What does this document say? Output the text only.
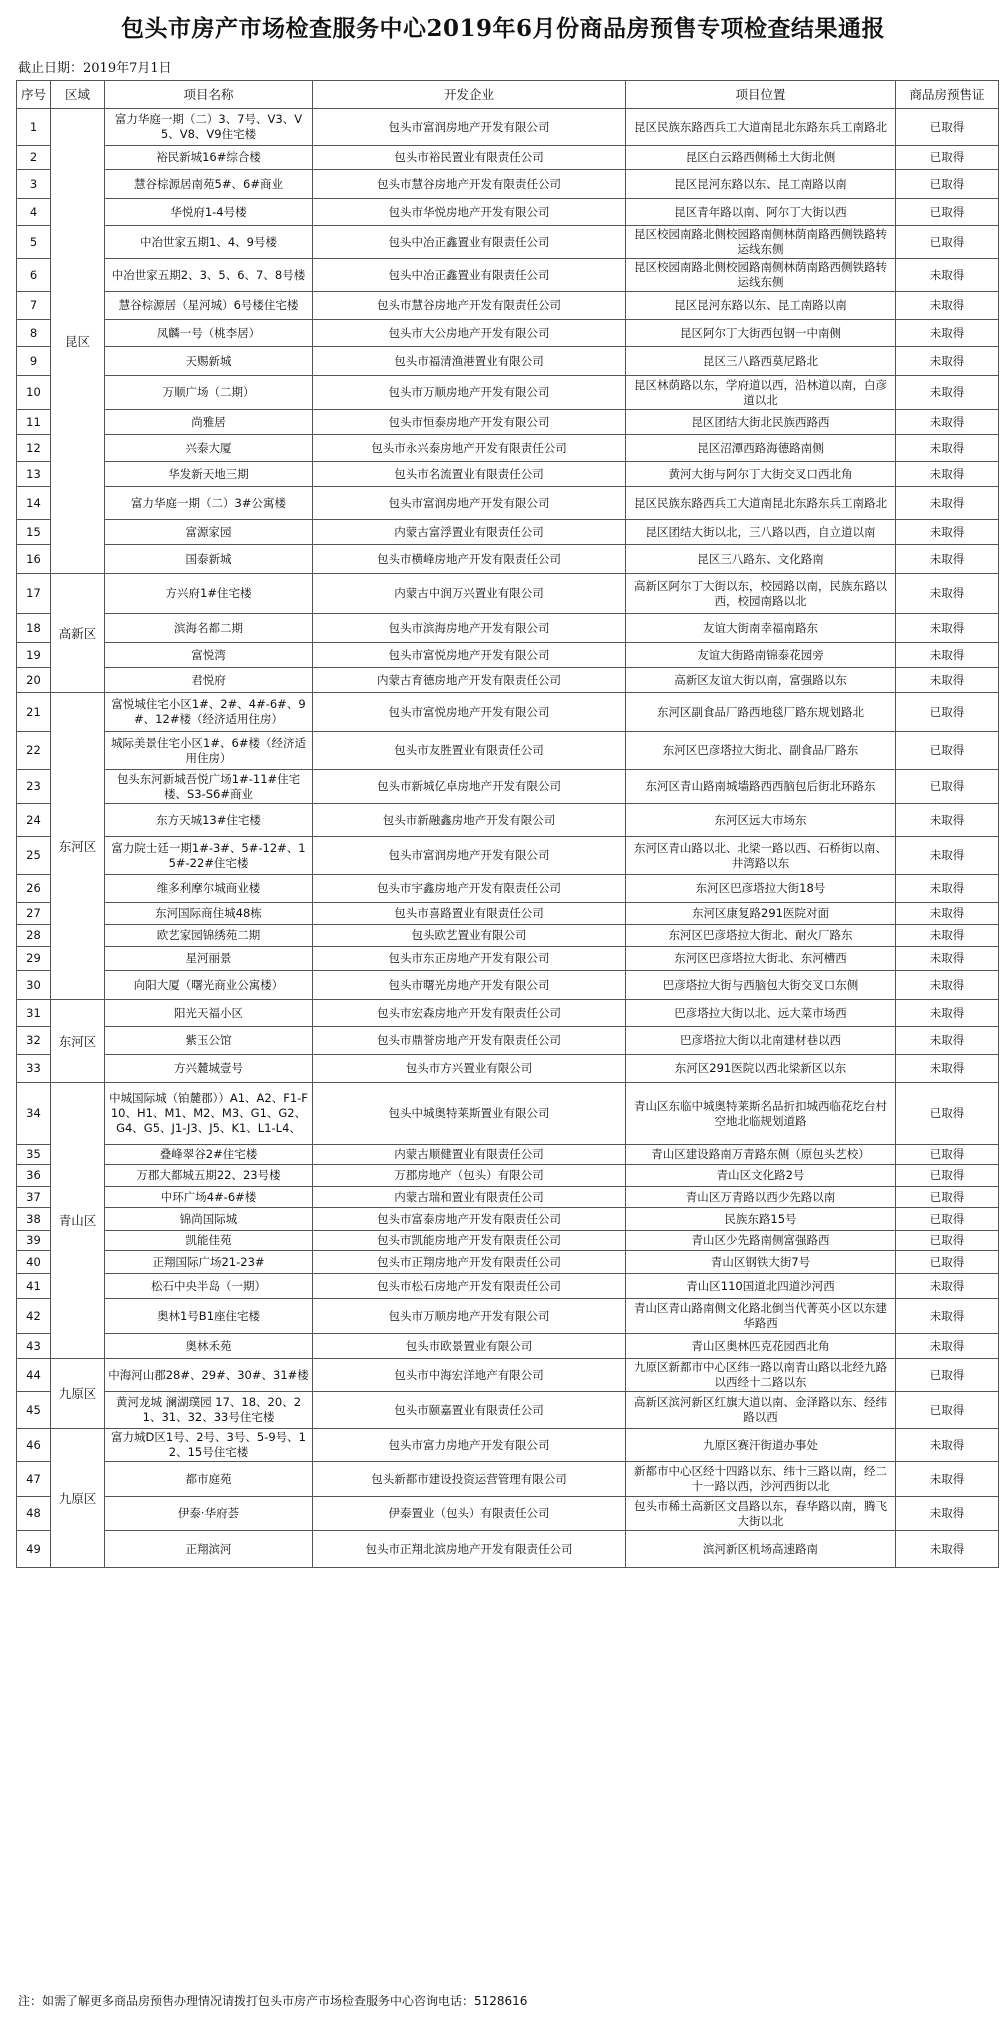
包头市房产市场检查服务中心2019年6月份商品房预售专项检查结果通报
截止日期：2019年7月1日
序号	区域	项目名称	开发企业	项目位置	商品房预售证
1	昆区	富力华庭一期（二）3、7号、V3、V5、V8、V9住宅楼	包头市富润房地产开发有限公司	昆区民族东路西兵工大道南昆北东路东兵工南路北	已取得
2		裕民新城16#综合楼	包头市裕民置业有限责任公司	昆区白云路西侧稀土大街北侧	已取得
3		慧谷棕源居南苑5#、6#商业	包头市慧谷房地产开发有限责任公司	昆区昆河东路以东、昆工南路以南	已取得
4		华悦府1-4号楼	包头市华悦房地产开发有限公司	昆区青年路以南、阿尔丁大街以西	已取得
5		中冶世家五期1、4、9号楼	包头中冶正鑫置业有限责任公司	昆区校园南路北侧校园路南侧林荫南路西侧铁路转运线东侧	已取得
6		中冶世家五期2、3、5、6、7、8号楼	包头中冶正鑫置业有限责任公司	昆区校园南路北侧校园路南侧林荫南路西侧铁路转运线东侧	未取得
7		慧谷棕源居（星河城）6号楼住宅楼	包头市慧谷房地产开发有限责任公司	昆区昆河东路以东、昆工南路以南	未取得
8		凤麟一号（桃李居）	包头市大公房地产开发有限公司	昆区阿尔丁大街西包钢一中南侧	未取得
9		天赐新城	包头市福清渔港置业有限公司	昆区三八路西莫尼路北	未取得
10		万顺广场（二期）	包头市万顺房地产开发有限公司	昆区林荫路以东，学府道以西，沿林道以南，白彦道以北	未取得
11		尚雅居	包头市恒泰房地产开发有限公司	昆区团结大街北民族西路西	未取得
12		兴泰大厦	包头市永兴泰房地产开发有限责任公司	昆区沼潭西路海德路南侧	未取得
13		华发新天地三期	包头市名流置业有限责任公司	黄河大街与阿尔丁大街交叉口西北角	未取得
14		富力华庭一期（二）3#公寓楼	包头市富润房地产开发有限公司	昆区民族东路西兵工大道南昆北东路东兵工南路北	未取得
15		富源家园	内蒙古富浮置业有限责任公司	昆区团结大街以北，三八路以西，自立道以南	未取得
16		国泰新城	包头市横峰房地产开发有限责任公司	昆区三八路东、文化路南	未取得
17	高新区	方兴府1#住宅楼	内蒙古中润万兴置业有限公司	高新区阿尔丁大街以东，校园路以南，民族东路以西，校园南路以北	未取得
18		滨海名都二期	包头市滨海房地产开发有限公司	友谊大街南幸福南路东	未取得
19		富悦湾	包头市富悦房地产开发有限公司	友谊大街路南锦泰花园旁	未取得
20		君悦府	内蒙古育德房地产开发有限责任公司	高新区友谊大街以南，富强路以东	未取得
21	东河区	富悦城住宅小区1#、2#、4#-6#、9#、12#楼（经济适用住房）	包头市富悦房地产开发有限公司	东河区副食品厂路西地毯厂路东规划路北	已取得
22		城际美景住宅小区1#、6#楼（经济适用住房）	包头市友胜置业有限责任公司	东河区巴彦塔拉大街北、副食品厂路东	已取得
23		包头东河新城吾悦广场1#-11#住宅楼、S3-S6#商业	包头市新城亿卓房地产开发有限公司	东河区青山路南城墙路西西脑包后街北环路东	已取得
24		东方天城13#住宅楼	包头市新融鑫房地产开发有限公司	东河区远大市场东	未取得
25		富力院士廷一期1#-3#、5#-12#、15#-22#住宅楼	包头市富润房地产开发有限公司	东河区青山路以北、北梁一路以西、石桥街以南、井湾路以东	未取得
26		维多利摩尔城商业楼	包头市宇鑫房地产开发有限责任公司	东河区巴彦塔拉大街18号	未取得
27		东河国际商住城48栋	包头市喜路置业有限责任公司	东河区康复路291医院对面	未取得
28		欧艺家园锦绣苑二期	包头欧艺置业有限公司	东河区巴彦塔拉大街北、耐火厂路东	未取得
29		星河丽景	包头市东正房地产开发有限公司	东河区巴彦塔拉大街北、东河槽西	未取得
30		向阳大厦（曙光商业公寓楼）	包头市曙光房地产开发有限公司	巴彦塔拉大街与西脑包大街交叉口东侧	未取得
31	东河区	阳光天福小区	包头市宏森房地产开发有限责任公司	巴彦塔拉大街以北、远大菜市场西	未取得
32		紫玉公馆	包头市鼎誉房地产开发有限责任公司	巴彦塔拉大街以北南建材巷以西	未取得
33		方兴麓城壹号	包头市方兴置业有限公司	东河区291医院以西北梁新区以东	未取得
34	青山区	中城国际城（铂麓郡））A1、A2、F1-F10、H1、M1、M2、M3、G1、G2、G4、G5、J1-J3、J5、K1、L1-L4、	包头中城奥特莱斯置业有限公司	青山区东临中城奥特莱斯名品折扣城西临花圪台村空地北临规划道路	已取得
35		叠峰翠谷2#住宅楼	内蒙古顺健置业有限责任公司	青山区建设路南万青路东侧（原包头艺校）	已取得
36		万郡大都城五期22、23号楼	万郡房地产（包头）有限公司	青山区文化路2号	已取得
37		中环广场4#-6#楼	内蒙古瑞和置业有限责任公司	青山区万青路以西少先路以南	已取得
38		锦尚国际城	包头市富泰房地产开发有限责任公司	民族东路15号	已取得
39		凯能佳苑	包头市凯能房地产开发有限责任公司	青山区少先路南侧富强路西	已取得
40		正翔国际广场21-23#	包头市正翔房地产开发有限责任公司	青山区钢铁大街7号	已取得
41		松石中央半岛（一期）	包头市松石房地产开发有限责任公司	青山区110国道北四道沙河西	未取得
42		奥林1号B1座住宅楼	包头市万顺房地产开发有限公司	青山区青山路南侧文化路北倒当代菁英小区以东建华路西	未取得
43		奥林禾苑	包头市欧景置业有限公司	青山区奥林匹克花园西北角	未取得
44	九原区	中海河山郡28#、29#、30#、31#楼	包头市中海宏洋地产有限公司	九原区新都市中心区纬一路以南青山路以北经九路以西经十二路以东	已取得
45		黄河龙城 澜湖璞园 17、18、20、21、31、32、33号住宅楼	包头市颐嘉置业有限责任公司	高新区滨河新区红旗大道以南、金泽路以东、经纬路以西	已取得
46	九原区	富力城D区1号、2号、3号、5-9号、12、15号住宅楼	包头市富力房地产开发有限公司	九原区赛汗街道办事处	未取得
47		都市庭苑	包头新都市建设投资运营管理有限公司	新都市中心区经十四路以东、纬十三路以南，经二十一路以西，沙河西街以北	未取得
48		伊泰·华府荟	伊泰置业（包头）有限责任公司	包头市稀土高新区文昌路以东，春华路以南，腾飞大街以北	未取得
49		正翔滨河	包头市正翔北滨房地产开发有限责任公司	滨河新区机场高速路南	未取得
注：如需了解更多商品房预售办理情况请拨打包头市房产市场检查服务中心咨询电话：5128616
